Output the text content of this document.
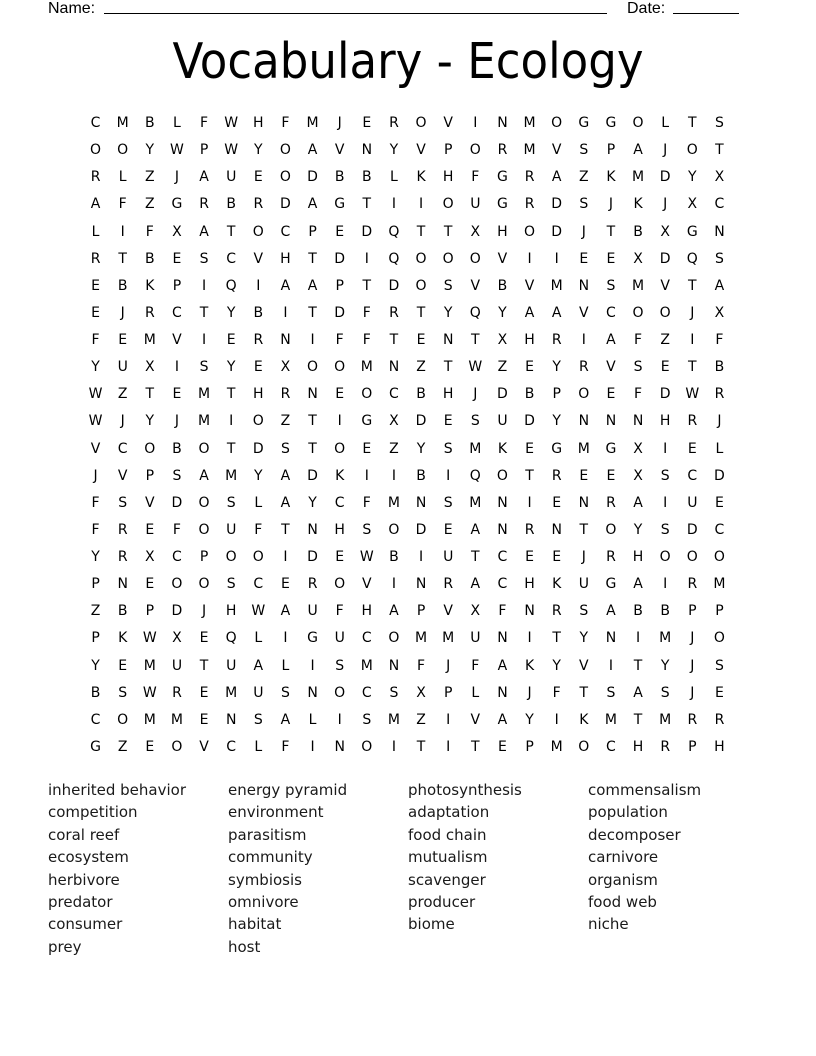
Name:	Date:
Vocabulary - Ecology
C	M	B	L	F	W	H	F	M	J	E	R	O	V	I	N	M	O	G	G	O	L	T	S
O	O	Y	W	P	W	Y	O	A	V	N	Y	V	P	O	R	M	V	S	P	A	J	O	T
R	L	Z	J	A	U	E	O	D	B	B	L	K	H	F	G	R	A	Z	K	M	D	Y	X
A	F	Z	G	R	B	R	D	A	G	T	I	I	O	U	G	R	D	S	J	K	J	X	C
L	I	F	X	A	T	O	C	P	E	D	Q	T	T	X	H	O	D	J	T	B	X	G	N
R	T	B	E	S	C	V	H	T	D	I	Q	O	O	O	V	I	I	E	E	X	D	Q	S
E	B	K	P	I	Q	I	A	A	P	T	D	O	S	V	B	V	M	N	S	M	V	T	A
E	J	R	C	T	Y	B	I	T	D	F	R	T	Y	Q	Y	A	A	V	C	O	O	J	X
F	E	M	V	I	E	R	N	I	F	F	T	E	N	T	X	H	R	I	A	F	Z	I	F
Y	U	X	I	S	Y	E	X	O	O	M	N	Z	T	W	Z	E	Y	R	V	S	E	T	B
W	Z	T	E	M	T	H	R	N	E	O	C	B	H	J	D	B	P	O	E	F	D	W	R
W	J	Y	J	M	I	O	Z	T	I	G	X	D	E	S	U	D	Y	N	N	N	H	R	J
V	C	O	B	O	T	D	S	T	O	E	Z	Y	S	M	K	E	G	M	G	X	I	E	L
J	V	P	S	A	M	Y	A	D	K	I	I	B	I	Q	O	T	R	E	E	X	S	C	D
F	S	V	D	O	S	L	A	Y	C	F	M	N	S	M	N	I	E	N	R	A	I	U	E
F	R	E	F	O	U	F	T	N	H	S	O	D	E	A	N	R	N	T	O	Y	S	D	C
Y	R	X	C	P	O	O	I	D	E	W	B	I	U	T	C	E	E	J	R	H	O	O	O
P	N	E	O	O	S	C	E	R	O	V	I	N	R	A	C	H	K	U	G	A	I	R	M
Z	B	P	D	J	H	W	A	U	F	H	A	P	V	X	F	N	R	S	A	B	B	P	P
P	K	W	X	E	Q	L	I	G	U	C	O	M	M	U	N	I	T	Y	N	I	M	J	O
Y	E	M	U	T	U	A	L	I	S	M	N	F	J	F	A	K	Y	V	I	T	Y	J	S
B	S	W	R	E	M	U	S	N	O	C	S	X	P	L	N	J	F	T	S	A	S	J	E
C	O	M	M	E	N	S	A	L	I	S	M	Z	I	V	A	Y	I	K	M	T	M	R	R
G	Z	E	O	V	C	L	F	I	N	O	I	T	I	T	E	P	M	O	C	H	R	P	H
inherited behavior
competition
coral reef
ecosystem
herbivore
predator
consumer
prey
energy pyramid
environment
parasitism
community
symbiosis
omnivore
habitat
host
photosynthesis
adaptation
food chain
mutualism
scavenger
producer
biome
commensalism
population
decomposer
carnivore
organism
food web
niche
